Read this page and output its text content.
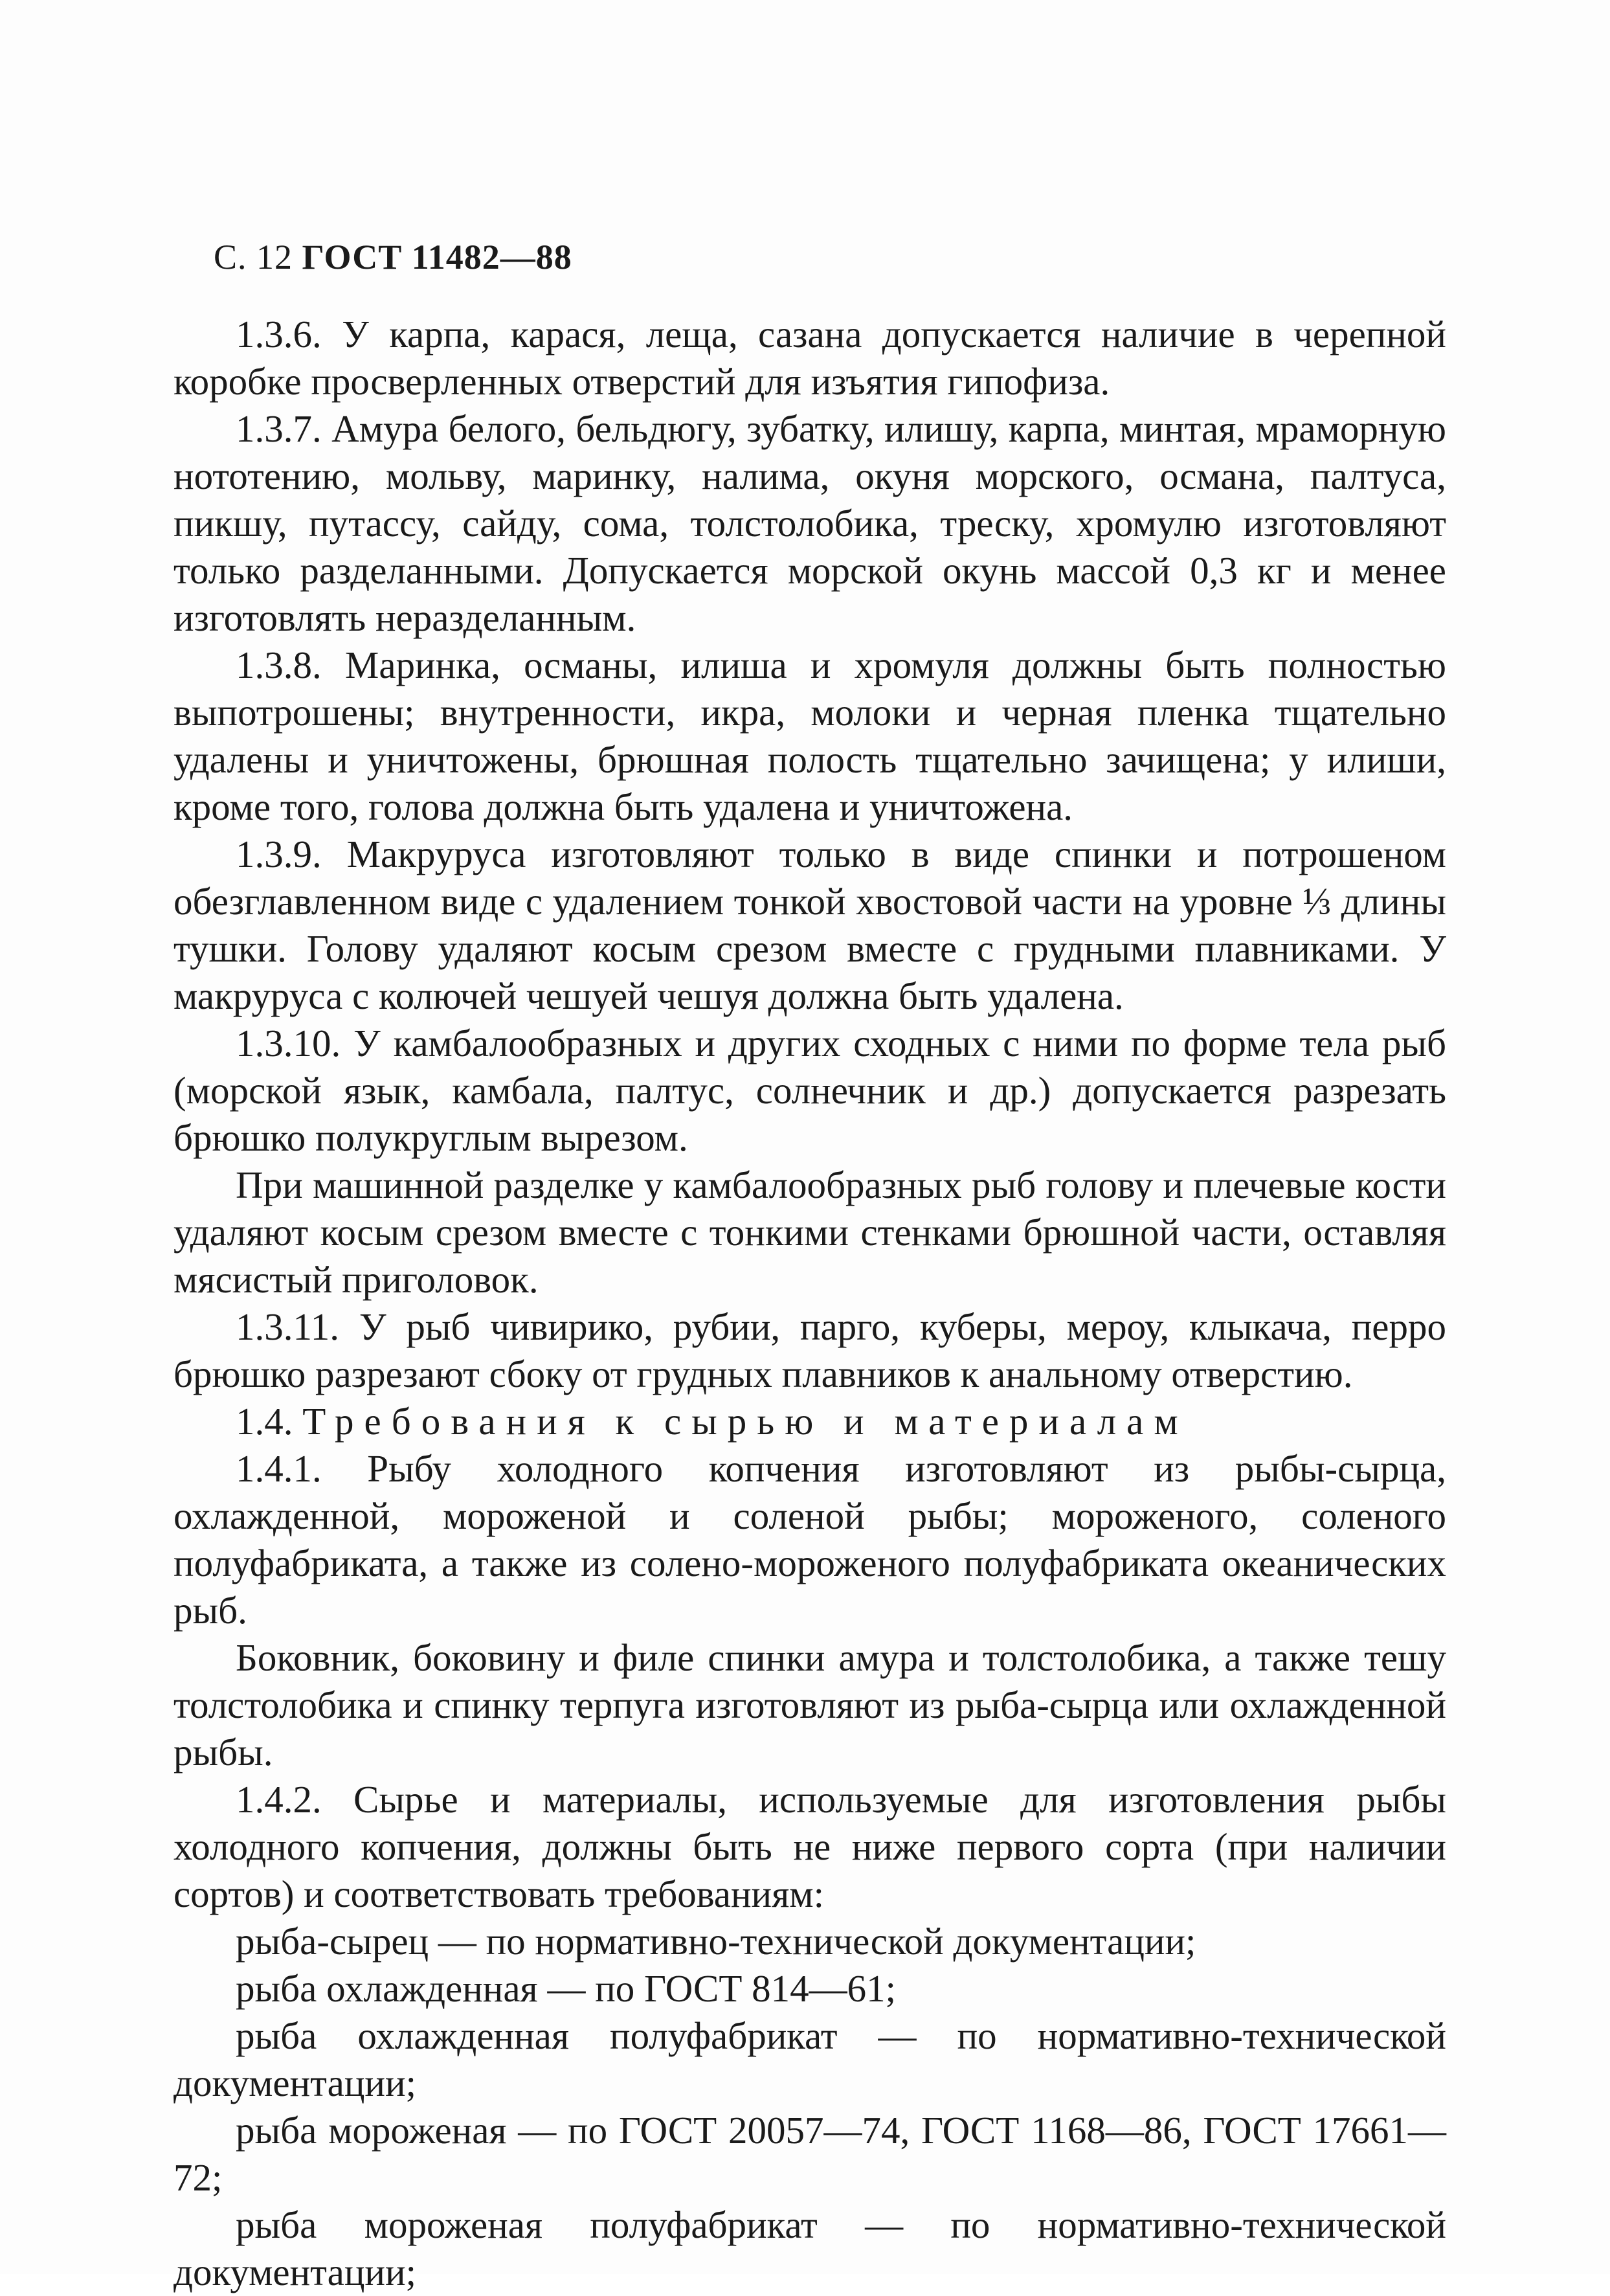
С. 12 ГОСТ 11482—88

1.3.6. У карпа, карася, леща, сазана допускается наличие в черепной коробке просверленных отверстий для изъятия гипофиза.

1.3.7. Амура белого, бельдюгу, зубатку, илишу, карпа, минтая, мраморную нототению, мольву, маринку, налима, окуня морского, османа, палтуса, пикшу, путассу, сайду, сома, толстолобика, треску, хромулю изготовляют только разделанными. Допускается морской окунь массой 0,3 кг и менее изготовлять неразделанным.

1.3.8. Маринка, османы, илиша и хромуля должны быть полностью выпотрошены; внутренности, икра, молоки и черная пленка тщательно удалены и уничтожены, брюшная полость тщательно зачищена; у илиши, кроме того, голова должна быть удалена и уничтожена.

1.3.9. Макруруса изготовляют только в виде спинки и потрошеном обезглавленном виде с удалением тонкой хвостовой части на уровне ⅓ длины тушки. Голову удаляют косым срезом вместе с грудными плавниками. У макруруса с колючей чешуей чешуя должна быть удалена.

1.3.10. У камбалообразных и других сходных с ними по форме тела рыб (морской язык, камбала, палтус, солнечник и др.) допускается разрезать брюшко полукруглым вырезом.

При машинной разделке у камбалообразных рыб голову и плечевые кости удаляют косым срезом вместе с тонкими стенками брюшной части, оставляя мясистый приголовок.

1.3.11. У рыб чивирико, рубии, парго, куберы, мероу, клыкача, перро брюшко разрезают сбоку от грудных плавников к анальному отверстию.

1.4. Требования к сырью и материалам

1.4.1. Рыбу холодного копчения изготовляют из рыбы-сырца, охлажденной, мороженой и соленой рыбы; мороженого, соленого полуфабриката, а также из солено-мороженого полуфабриката океанических рыб.

Боковник, боковину и филе спинки амура и толстолобика, а также тешу толстолобика и спинку терпуга изготовляют из рыба-сырца или охлажденной рыбы.

1.4.2. Сырье и материалы, используемые для изготовления рыбы холодного копчения, должны быть не ниже первого сорта (при наличии сортов) и соответствовать требованиям:

рыба-сырец — по нормативно-технической документации;

рыба охлажденная — по ГОСТ 814—61;

рыба охлажденная полуфабрикат — по нормативно-технической документации;

рыба мороженая — по ГОСТ 20057—74, ГОСТ 1168—86, ГОСТ 17661—72;

рыба мороженая полуфабрикат — по нормативно-технической документации;
